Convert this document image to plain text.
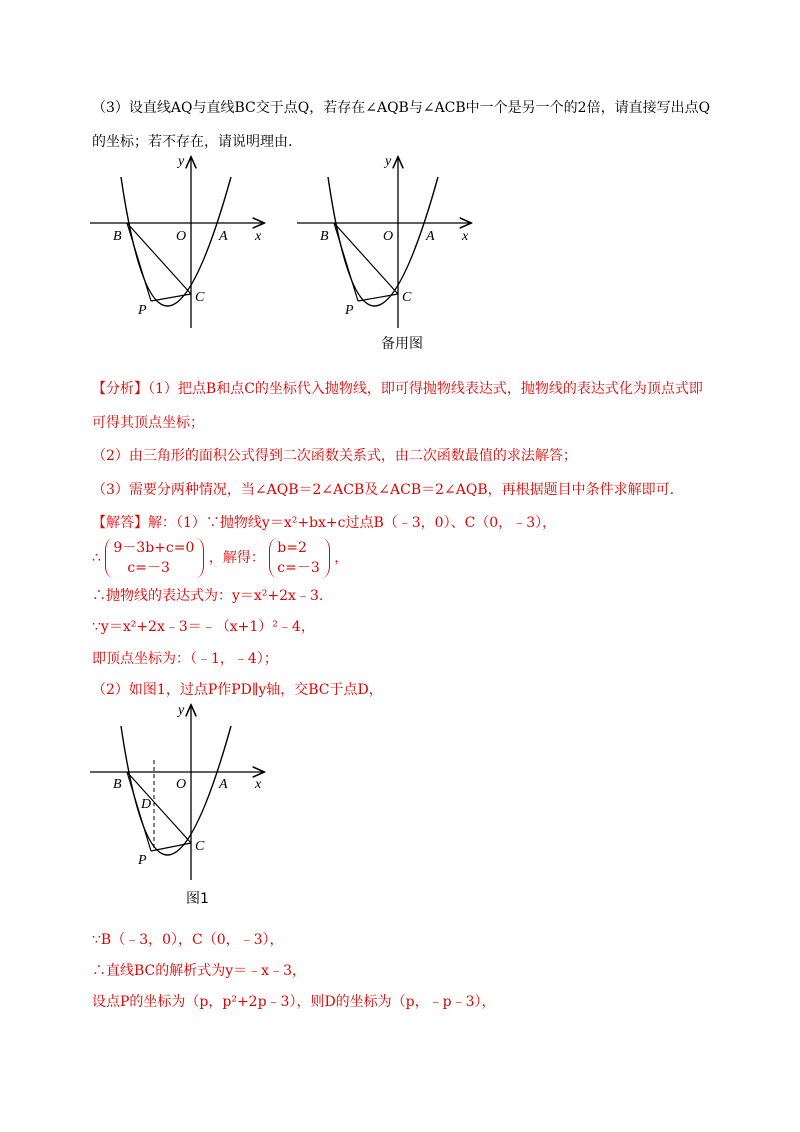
（3）设直线AQ与直线BC交于点Q，若存在∠AQB与∠ACB中一个是另一个的2倍，请直接写出点Q
的坐标；若不存在，请说明理由.
y
x
O A
B
C
P
y
x
O A
B
C
P
备用图
【分析】（1）把点B和点C的坐标代入抛物线，即可得抛物线表达式，抛物线的表达式化为顶点式即
可得其顶点坐标；
（2）由三角形的面积公式得到二次函数关系式，由二次函数最值的求法解答；
（3）需要分两种情况，当∠AQB＝2∠ACB及∠ACB＝2∠AQB，再根据题目中条件求解即可.
【解答】解：（1）∵抛物线y＝x²+bx+c过点B（﹣3，0）、C（0，﹣3），
∴
9－3b+c=0
c=－3
，解得：
b=2
c=－3
，
∴抛物线的表达式为：y＝x²+2x﹣3.
∵y＝x²+2x﹣3＝﹣（x+1）²﹣4，
即顶点坐标为：（﹣1，﹣4）；
（2）如图1，过点P作PD∥y轴，交BC于点D，
y
x
O A
B
D
C
P
图1
∵B（﹣3，0），C（0，﹣3），
∴直线BC的解析式为y＝﹣x﹣3，
设点P的坐标为（p，p²+2p﹣3），则D的坐标为（p，﹣p﹣3），
